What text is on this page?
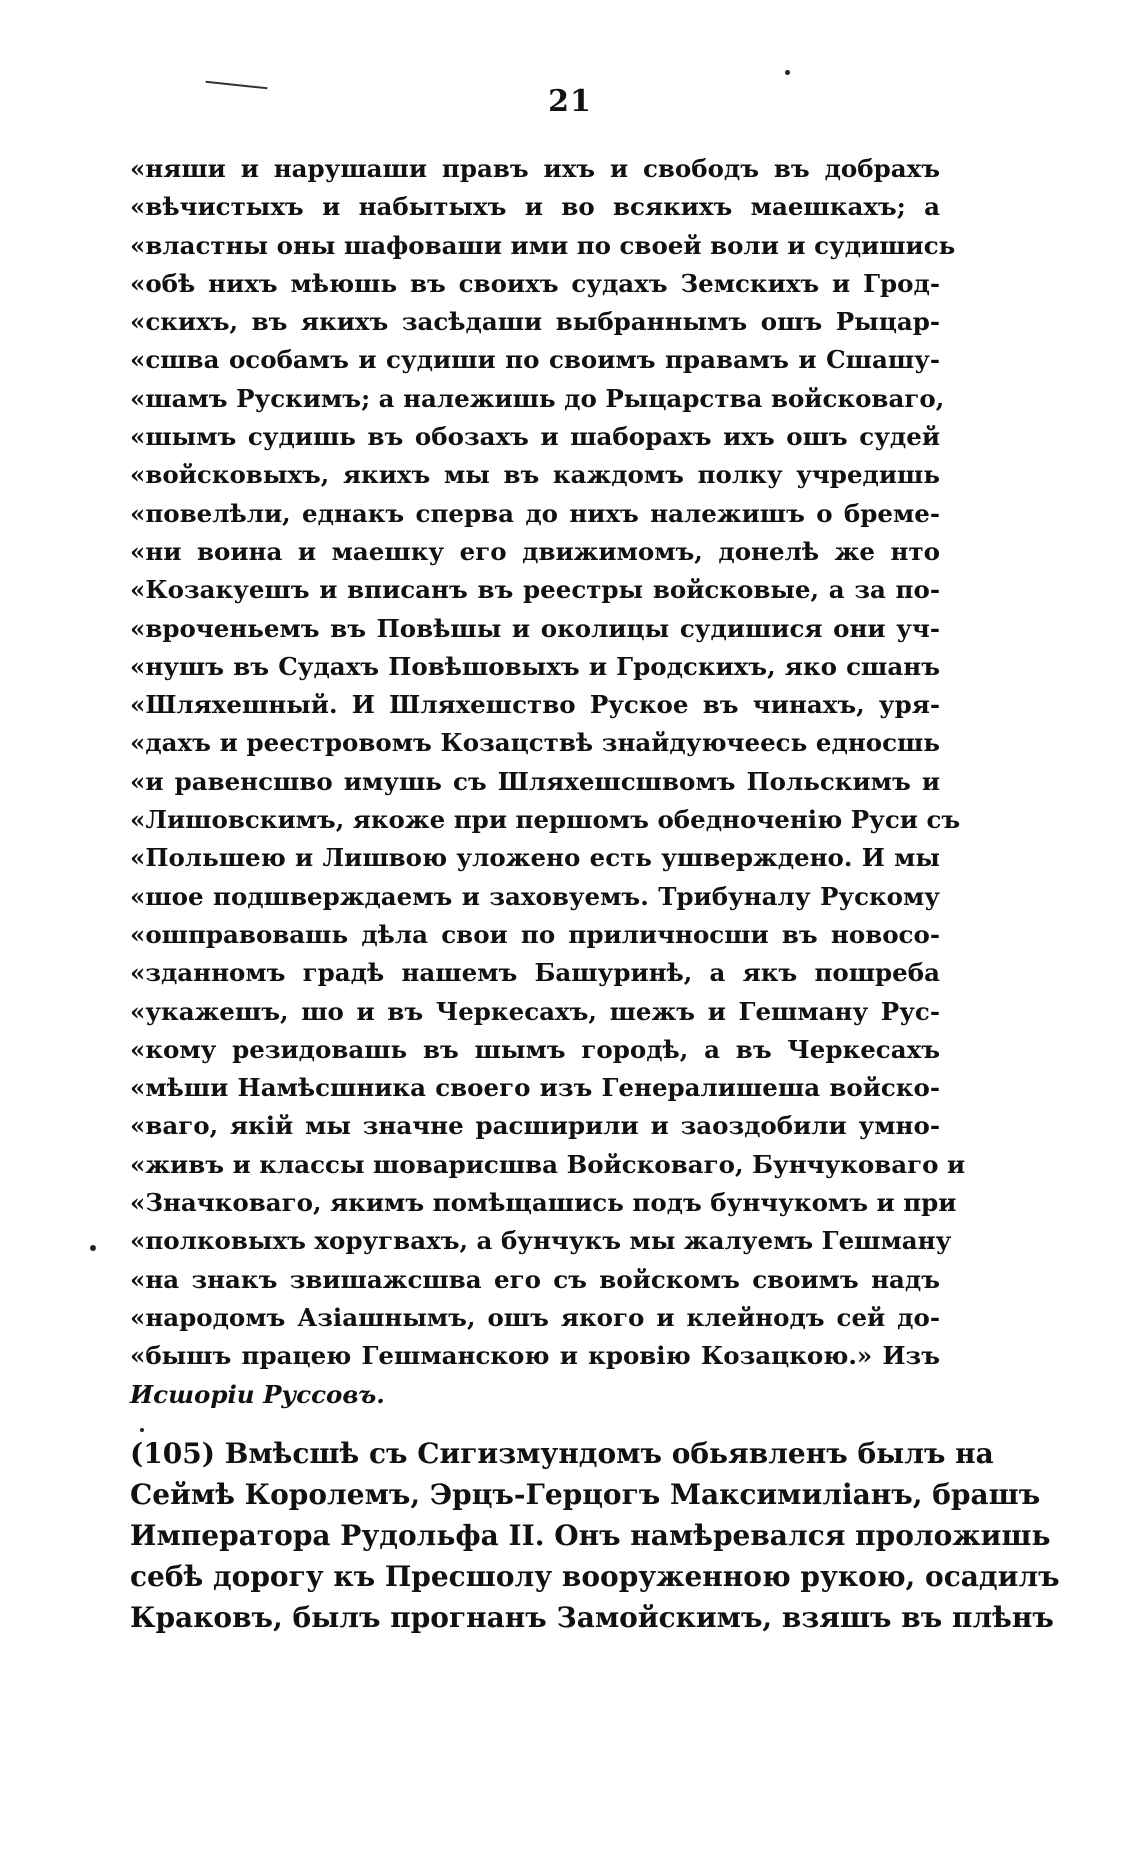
21
«няши и нарушаши правъ ихъ и свободъ въ добрахъ
«вѣчистыхъ и набытыхъ и во всякихъ маешкахъ; а
«властны оны шафоваши ими по своей воли и судишись
«обѣ нихъ мѣюшь въ своихъ судахъ Земскихъ и Грод-
«скихъ, въ якихъ засѣдаши выбраннымъ ошъ Рыцар-
«сшва особамъ и судиши по своимъ правамъ и Сшашу-
«шамъ Рускимъ; а належишь до Рыцарства войсковаго,
«шымъ судишь въ обозахъ и шаборахъ ихъ ошъ судей
«войсковыхъ, якихъ мы въ каждомъ полку учредишь
«повелѣли, еднакъ сперва до нихъ належишъ о бреме-
«ни воина и маешку его движимомъ, донелѣ же нто
«Козакуешъ и вписанъ въ реестры войсковые, а за по-
«вроченьемъ въ Повѣшы и околицы судишися они уч-
«нушъ въ Судахъ Повѣшовыхъ и Гродскихъ, яко сшанъ
«Шляхешный. И Шляхешство Руское въ чинахъ, уря-
«дахъ и реестровомъ Козацствѣ знайдуючеесь едносшь
«и равенсшво имушь съ Шляхешсшвомъ Польскимъ и
«Лишовскимъ, якоже при першомъ обедноченію Руси съ
«Польшею и Лишвою уложено есть ушверждено. И мы
«шое подшверждаемъ и заховуемъ. Трибуналу Рускому
«ошправовашь дѣла свои по приличносши въ новосо-
«зданномъ градѣ нашемъ Башуринѣ, а якъ пошреба
«укажешъ, шо и въ Черкесахъ, шежъ и Гешману Рус-
«кому резидовашь въ шымъ городѣ, а въ Черкесахъ
«мѣши Намѣсшника своего изъ Генералишеша войско-
«ваго, якій мы значне расширили и заоздобили умно-
«живъ и классы шоварисшва Войсковаго, Бунчуковаго и
«Значковаго, якимъ помѣщашись подъ бунчукомъ и при
«полковыхъ хоругвахъ, а бунчукъ мы жалуемъ Гешману
«на знакъ звишажсшва его съ войскомъ своимъ надъ
«народомъ Азіашнымъ, ошъ якого и клейнодъ сей до-
«бышъ працею Гешманскою и кровію Козацкою.» Изъ
Исшоріи Руссовъ.
(105) Вмѣсшѣ съ Сигизмундомъ обьявленъ былъ на
Сеймѣ Королемъ, Эрцъ-Герцогъ Максимиліанъ, брашъ
Императора Рудольфа II. Онъ намѣревался проложишь
себѣ дорогу къ Пресшолу вооруженною рукою, осадилъ
Краковъ, былъ прогнанъ Замойскимъ, взяшъ въ плѣнъ
